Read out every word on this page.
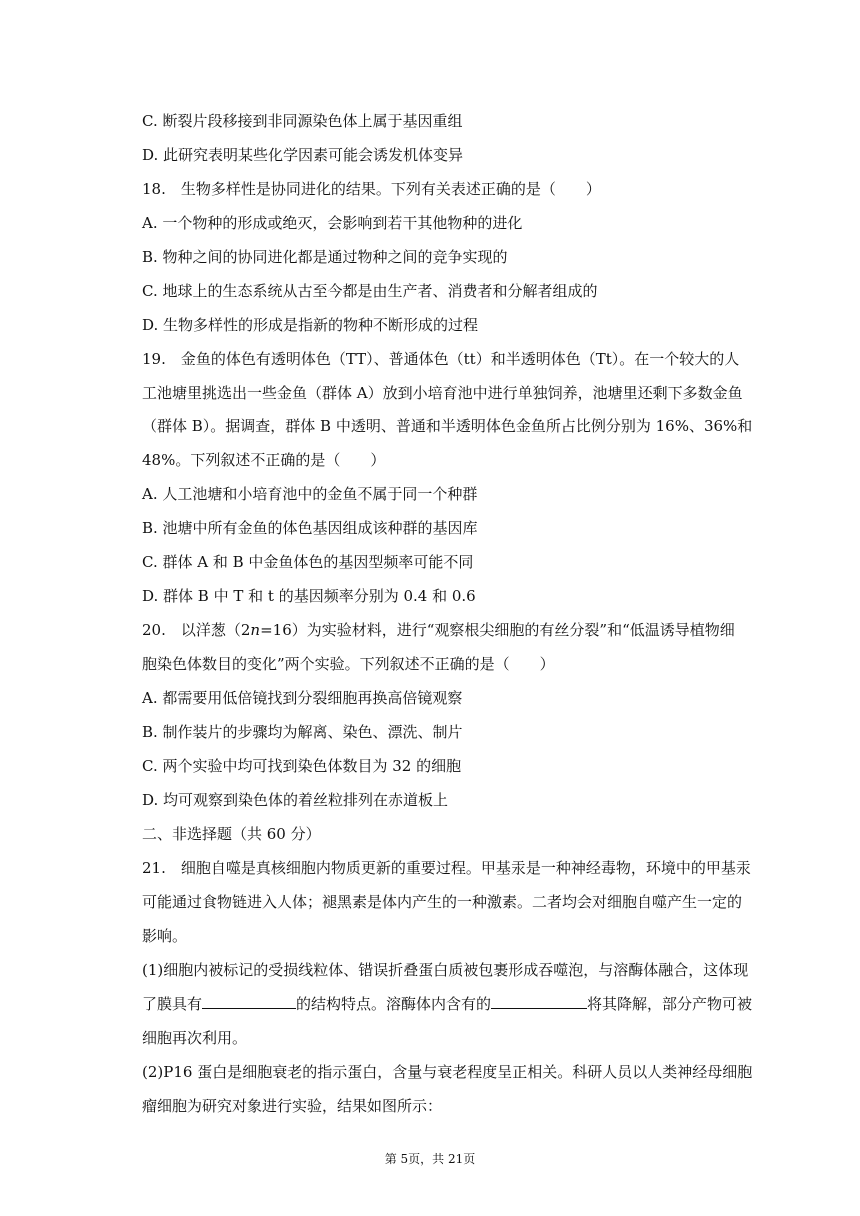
C. 断裂片段移接到非同源染色体上属于基因重组
D. 此研究表明某些化学因素可能会诱发机体变异
18.　生物多样性是协同进化的结果。下列有关表述正确的是（　　）
A. 一个物种的形成或绝灭，会影响到若干其他物种的进化
B. 物种之间的协同进化都是通过物种之间的竞争实现的
C. 地球上的生态系统从古至今都是由生产者、消费者和分解者组成的
D. 生物多样性的形成是指新的物种不断形成的过程
19.　金鱼的体色有透明体色（TT）、普通体色（tt）和半透明体色（Tt）。在一个较大的人
工池塘里挑选出一些金鱼（群体 A）放到小培育池中进行单独饲养，池塘里还剩下多数金鱼
（群体 B）。据调查，群体 B 中透明、普通和半透明体色金鱼所占比例分别为 16%、36%和
48%。下列叙述不正确的是（　　）
A. 人工池塘和小培育池中的金鱼不属于同一个种群
B. 池塘中所有金鱼的体色基因组成该种群的基因库
C. 群体 A 和 B 中金鱼体色的基因型频率可能不同
D. 群体 B 中 T 和 t 的基因频率分别为 0.4 和 0.6
20.　以洋葱（2n=16）为实验材料，进行“观察根尖细胞的有丝分裂”和“低温诱导植物细
胞染色体数目的变化”两个实验。下列叙述不正确的是（　　）
A. 都需要用低倍镜找到分裂细胞再换高倍镜观察
B. 制作装片的步骤均为解离、染色、漂洗、制片
C. 两个实验中均可找到染色体数目为 32 的细胞
D. 均可观察到染色体的着丝粒排列在赤道板上
二、非选择题（共 60 分）
21.　细胞自噬是真核细胞内物质更新的重要过程。甲基汞是一种神经毒物，环境中的甲基汞
可能通过食物链进入人体；褪黑素是体内产生的一种激素。二者均会对细胞自噬产生一定的
影响。
(1)细胞内被标记的受损线粒体、错误折叠蛋白质被包裹形成吞噬泡，与溶酶体融合，这体现
了膜具有	的结构特点。溶酶体内含有的	将其降解，部分产物可被
细胞再次利用。
(2)P16 蛋白是细胞衰老的指示蛋白，含量与衰老程度呈正相关。科研人员以人类神经母细胞
瘤细胞为研究对象进行实验，结果如图所示：
第 5页，共 21页
